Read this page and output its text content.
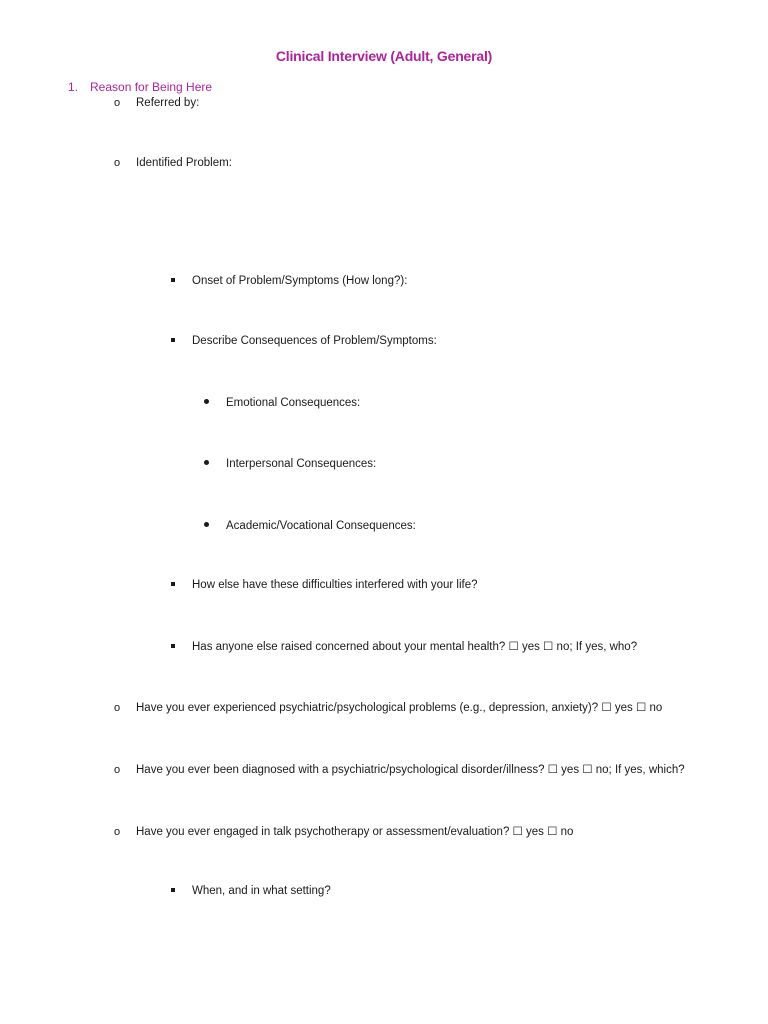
Clinical Interview (Adult, General)
1. Reason for Being Here
o Referred by:
o Identified Problem:
Onset of Problem/Symptoms (How long?):
Describe Consequences of Problem/Symptoms:
Emotional Consequences:
Interpersonal Consequences:
Academic/Vocational Consequences:
How else have these difficulties interfered with your life?
Has anyone else raised concerned about your mental health? ☐ yes ☐ no; If yes, who?
o Have you ever experienced psychiatric/psychological problems (e.g., depression, anxiety)? ☐ yes ☐ no
o Have you ever been diagnosed with a psychiatric/psychological disorder/illness? ☐ yes ☐ no; If yes, which?
o Have you ever engaged in talk psychotherapy or assessment/evaluation? ☐ yes ☐ no
When, and in what setting?
